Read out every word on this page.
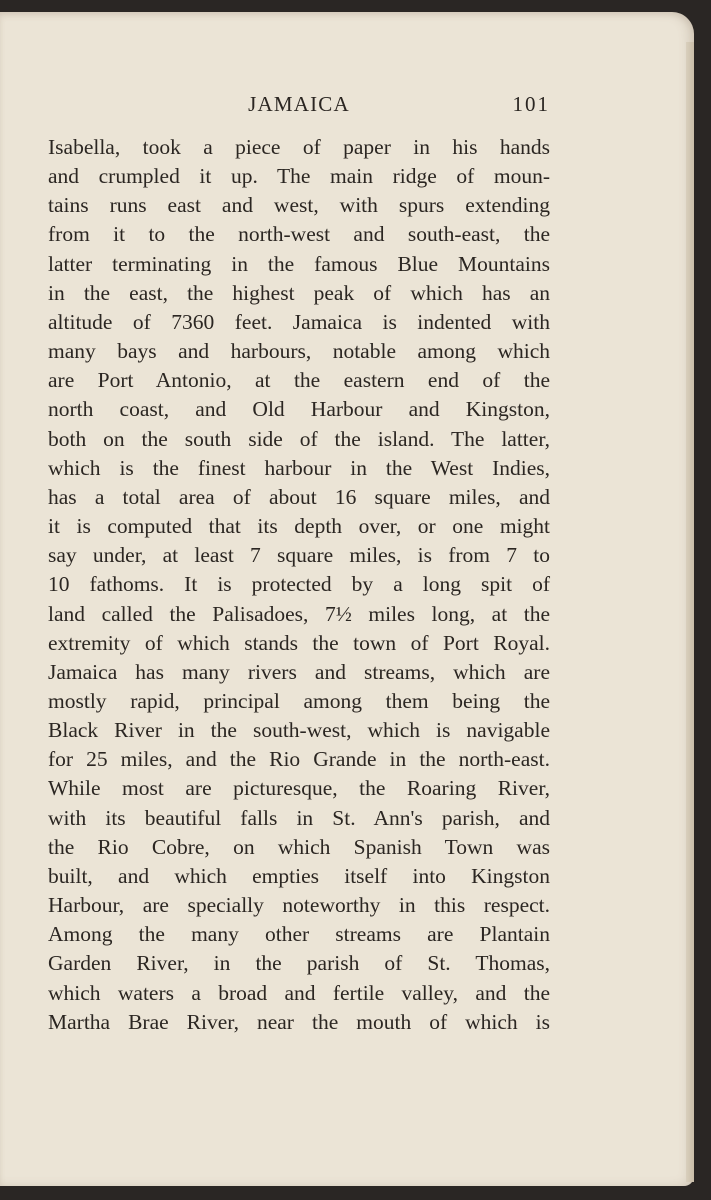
JAMAICA	101
Isabella, took a piece of paper in his hands
and crumpled it up. The main ridge of moun-
tains runs east and west, with spurs extending
from it to the north-west and south-east, the
latter terminating in the famous Blue Mountains
in the east, the highest peak of which has an
altitude of 7360 feet. Jamaica is indented with
many bays and harbours, notable among which
are Port Antonio, at the eastern end of the
north coast, and Old Harbour and Kingston,
both on the south side of the island. The latter,
which is the finest harbour in the West Indies,
has a total area of about 16 square miles, and
it is computed that its depth over, or one might
say under, at least 7 square miles, is from 7 to
10 fathoms. It is protected by a long spit of
land called the Palisadoes, 7½ miles long, at the
extremity of which stands the town of Port Royal.
Jamaica has many rivers and streams, which are
mostly rapid, principal among them being the
Black River in the south-west, which is navigable
for 25 miles, and the Rio Grande in the north-east.
While most are picturesque, the Roaring River,
with its beautiful falls in St. Ann's parish, and
the Rio Cobre, on which Spanish Town was
built, and which empties itself into Kingston
Harbour, are specially noteworthy in this respect.
Among the many other streams are Plantain
Garden River, in the parish of St. Thomas,
which waters a broad and fertile valley, and the
Martha Brae River, near the mouth of which is
